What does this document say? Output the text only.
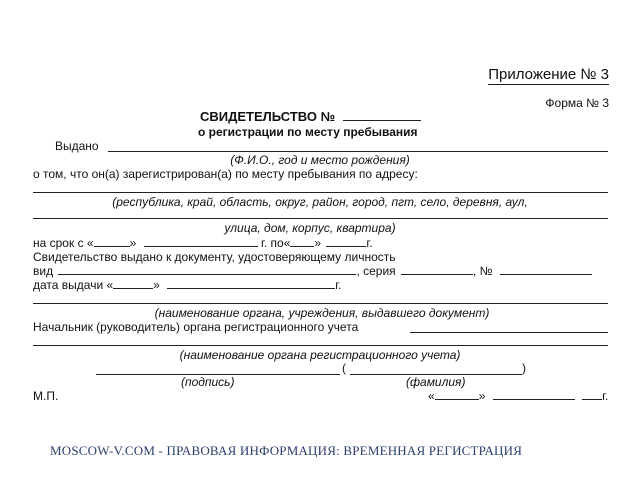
Приложение № 3
Форма № 3
СВИДЕТЕЛЬСТВО №
о регистрации по месту пребывания
Выдано
(Ф.И.О., год и место рождения)
о том, что он(а) зарегистрирован(а) по месту пребывания по адресу:
(республика, край, область, округ, район, город, пгт, село, деревня, аул,
улица, дом, корпус, квартира)
на срок с «	»	г. по« »	г.
Свидетельство выдано к документу, удостоверяющему личность
вид	, серия	, №
дата выдачи «	»	г.
(наименование органа, учреждения, выдавшего документ)
Начальник (руководитель) органа регистрационного учета
(наименование органа регистрационного учета)
(	)
(подпись)	(фамилия)
М.П.	«	»	г.
MOSCOW-V.COM - ПРАВОВАЯ ИНФОРМАЦИЯ: ВРЕМЕННАЯ РЕГИСТРАЦИЯ
